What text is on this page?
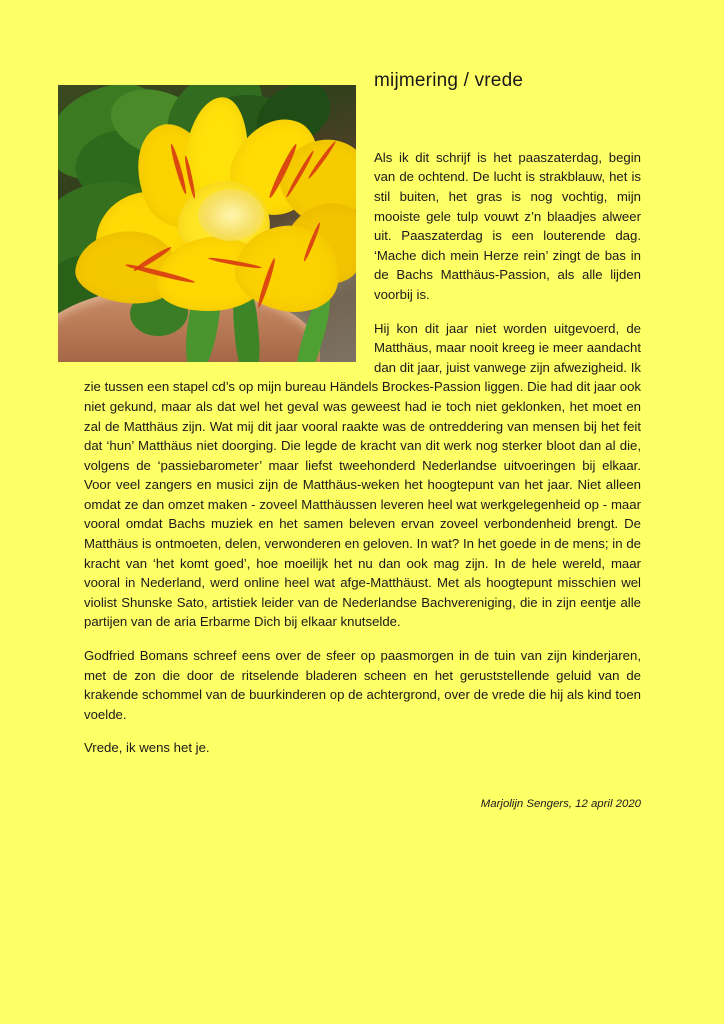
mijmering / vrede

Als ik dit schrijf is het paaszaterdag, begin van de ochtend. De lucht is strakblauw, het is stil buiten, het gras is nog vochtig, mijn mooiste gele tulp vouwt z’n blaadjes alweer uit. Paaszaterdag is een louterende dag. ‘Mache dich mein Herze rein’ zingt de bas in de Bachs Matthäus-Passion, als alle lijden voorbij is.

Hij kon dit jaar niet worden uitgevoerd, de Matthäus, maar nooit kreeg ie meer aandacht dan dit jaar, juist vanwege zijn afwezigheid. Ik zie tussen een stapel cd’s op mijn bureau Händels Brockes-Passion liggen. Die had dit jaar ook niet gekund, maar als dat wel het geval was geweest had ie toch niet geklonken, het moet en zal de Matthäus zijn. Wat mij dit jaar vooral raakte was de ontreddering van mensen bij het feit dat ‘hun’ Matthäus niet doorging. Die legde de kracht van dit werk nog sterker bloot dan al die, volgens de ‘passiebarometer’ maar liefst tweehonderd Nederlandse uitvoeringen bij elkaar. Voor veel zangers en musici zijn de Matthäus-weken het hoogtepunt van het jaar. Niet alleen omdat ze dan omzet maken - zoveel Matthäussen leveren heel wat werkgelegenheid op - maar vooral omdat Bachs muziek en het samen beleven ervan zoveel verbondenheid brengt. De Matthäus is ontmoeten, delen, verwonderen en geloven. In wat? In het goede in de mens; in de kracht van ‘het komt goed’, hoe moeilijk het nu dan ook mag zijn. In de hele wereld, maar vooral in Nederland, werd online heel wat afge-Matthäust. Met als hoogtepunt misschien wel violist Shunske Sato, artistiek leider van de Nederlandse Bachvereniging, die in zijn eentje alle partijen van de aria Erbarme Dich bij elkaar knutselde.

Godfried Bomans schreef eens over de sfeer op paasmorgen in de tuin van zijn kinderjaren, met de zon die door de ritselende bladeren scheen en het geruststellende geluid van de krakende schommel van de buurkinderen op de achtergrond, over de vrede die hij als kind toen voelde.

Vrede, ik wens het je.

Marjolijn Sengers, 12 april 2020
